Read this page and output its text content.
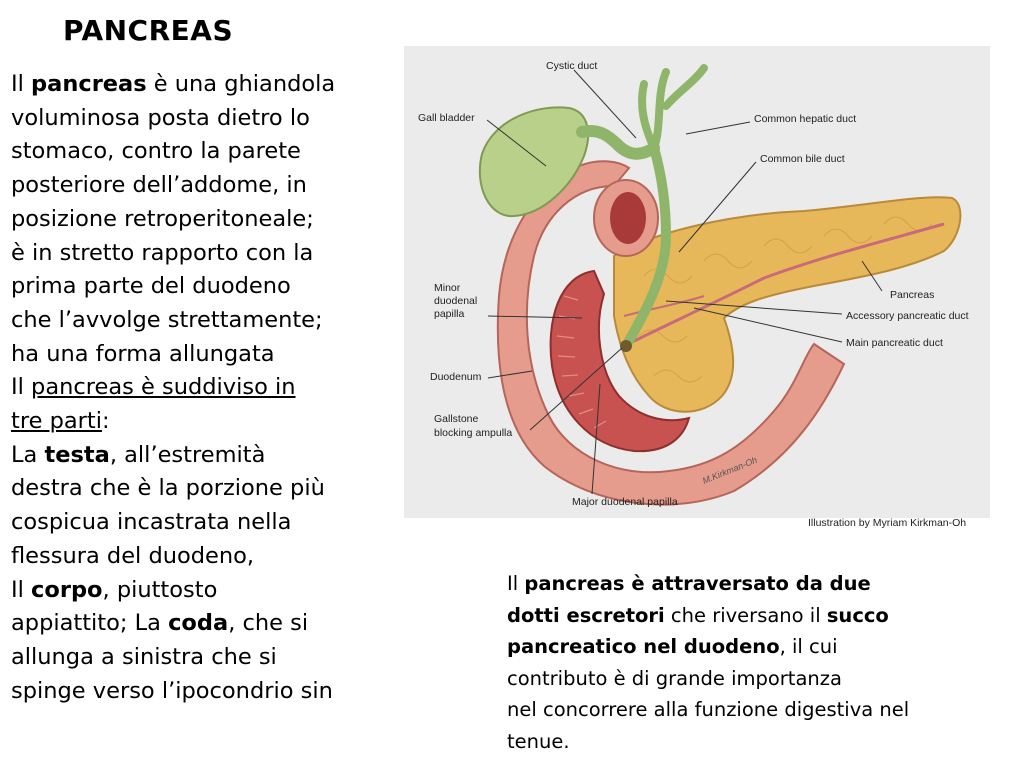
PANCREAS
Il pancreas è una ghiandola
voluminosa posta dietro lo
stomaco, contro la parete
posteriore dell’addome, in
posizione retroperitoneale;
è in stretto rapporto con la
prima parte del duodeno
che l’avvolge strettamente;
ha una forma allungata
Il pancreas è suddiviso in
tre parti:
La testa, all’estremità
destra che è la porzione più
cospicua incastrata nella
flessura del duodeno,
Il corpo, piuttosto
appiattito; La coda, che si
allunga a sinistra che si
spinge verso l’ipocondrio sin
Cystic duct
Gall bladder	Common hepatic duct
Common bile duct
Minor
duodenal
papilla
Pancreas
Accessory pancreatic duct
Main pancreatic duct
Duodenum
Gallstone
blocking ampulla
Major duodenal papilla
M.Kirkman-Oh
Illustration by Myriam Kirkman-Oh
Il pancreas è attraversato da due
dotti escretori che riversano il succo
pancreatico nel duodeno, il cui
contributo è di grande importanza
nel concorrere alla funzione digestiva nel
tenue.
